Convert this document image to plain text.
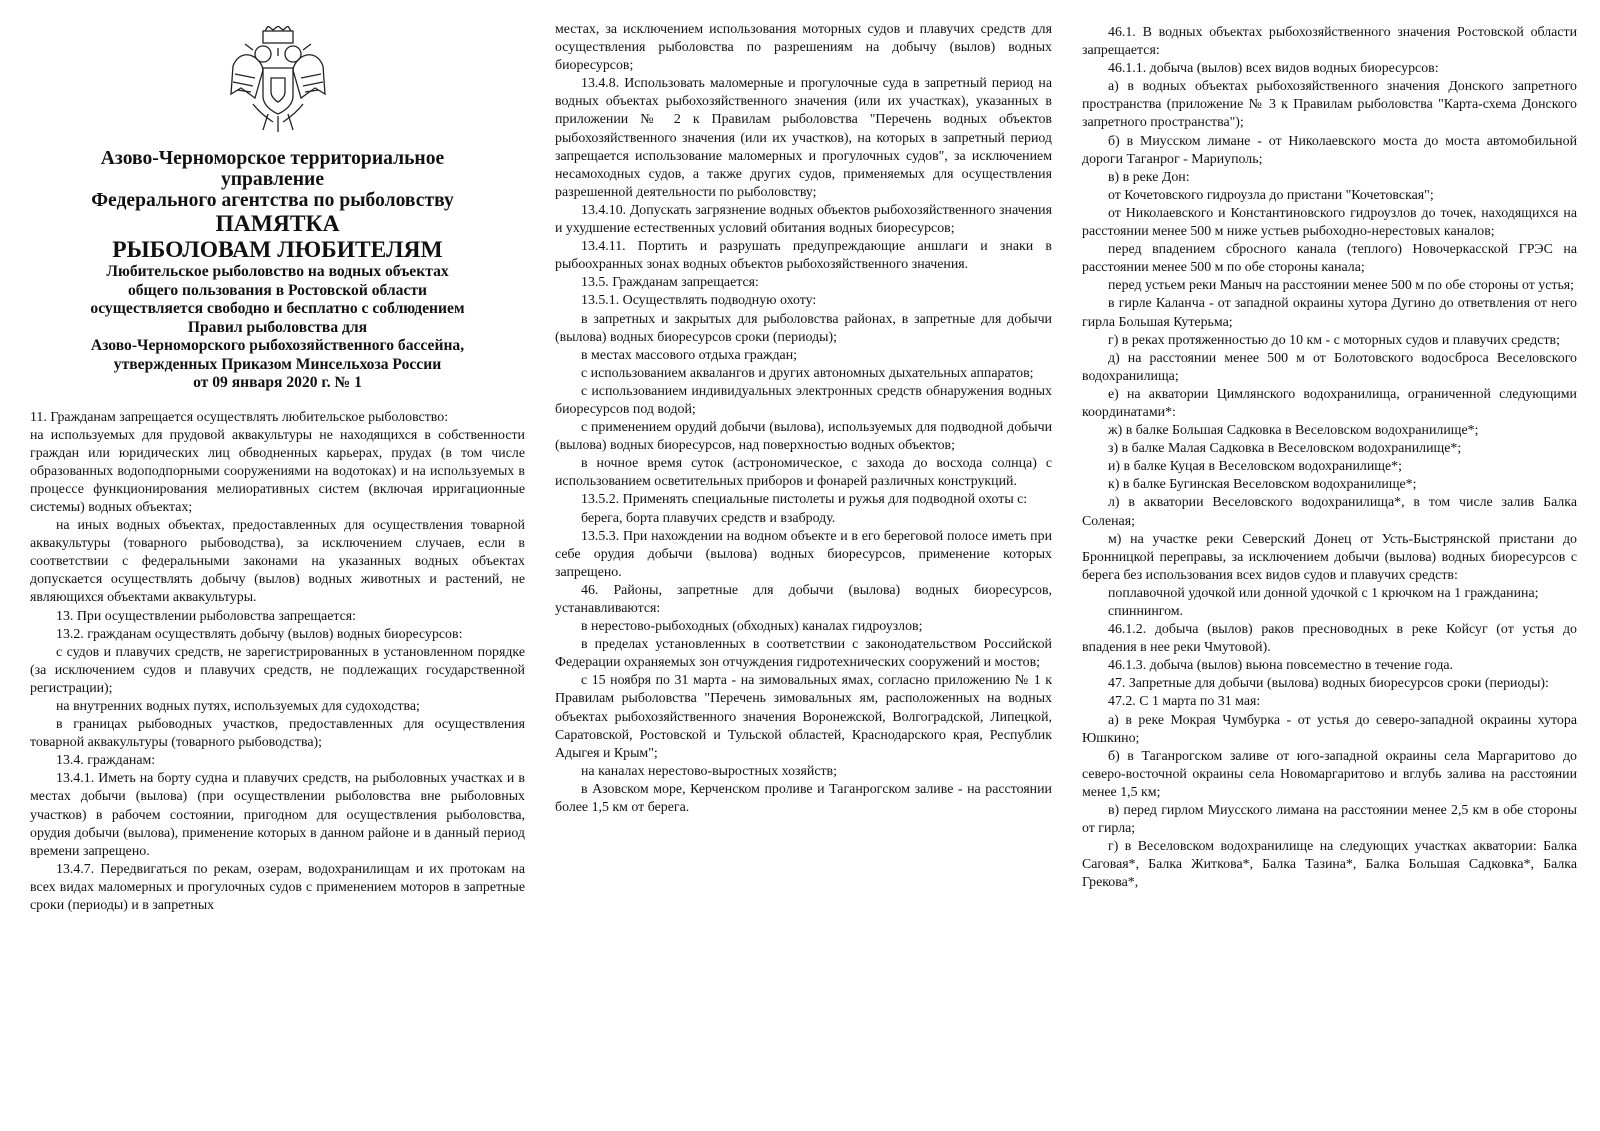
Азово-Черноморское территориальное
управление
Федерального агентства по рыболовству

ПАМЯТКА

РЫБОЛОВАМ ЛЮБИТЕЛЯМ

Любительское рыболовство на водных объектах
общего пользования в Ростовской области
осуществляется свободно и бесплатно с соблюдением
Правил рыболовства для
Азово-Черноморского рыбохозяйственного бассейна,
утвержденных Приказом Минсельхоза России
от 09 января 2020 г. № 1

11. Гражданам запрещается осуществлять любительское рыболовство:

на используемых для прудовой аквакультуры не находящихся в собственности граждан или юридических лиц обводненных карьерах, прудах (в том числе образованных водоподпорными сооружениями на водотоках) и на используемых в процессе функционирования мелиоративных систем (включая ирригационные системы) водных объектах;

на иных водных объектах, предоставленных для осуществления товарной аквакультуры (товарного рыбоводства), за исключением случаев, если в соответствии с федеральными законами на указанных водных объектах допускается осуществлять добычу (вылов) водных животных и растений, не являющихся объектами аквакультуры.

13. При осуществлении рыболовства запрещается:

13.2. гражданам осуществлять добычу (вылов) водных биоресурсов:

с судов и плавучих средств, не зарегистрированных в установленном порядке (за исключением судов и плавучих средств, не подлежащих государственной регистрации);

на внутренних водных путях, используемых для судоходства;

в границах рыбоводных участков, предоставленных для осуществления товарной аквакультуры (товарного рыбоводства);

13.4. гражданам:

13.4.1. Иметь на борту судна и плавучих средств, на рыболовных участках и в местах добычи (вылова) (при осуществлении рыболовства вне рыболовных участков) в рабочем состоянии, пригодном для осуществления рыболовства, орудия добычи (вылова), применение которых в данном районе и в данный период времени запрещено.

13.4.7. Передвигаться по рекам, озерам, водохранилищам и их протокам на всех видах маломерных и прогулочных судов с применением моторов в запретные сроки (периоды) и в запретных

местах, за исключением использования моторных судов и плавучих средств для осуществления рыболовства по разрешениям на добычу (вылов) водных биоресурсов;

13.4.8. Использовать маломерные и прогулочные суда в запретный период на водных объектах рыбохозяйственного значения (или их участках), указанных в приложении № 2 к Правилам рыболовства "Перечень водных объектов рыбохозяйственного значения (или их участков), на которых в запретный период запрещается использование маломерных и прогулочных судов", за исключением несамоходных судов, а также других судов, применяемых для осуществления разрешенной деятельности по рыболовству;

13.4.10. Допускать загрязнение водных объектов рыбохозяйственного значения и ухудшение естественных условий обитания водных биоресурсов;

13.4.11. Портить и разрушать предупреждающие аншлаги и знаки в рыбоохранных зонах водных объектов рыбохозяйственного значения.

13.5. Гражданам запрещается:

13.5.1. Осуществлять подводную охоту:

в запретных и закрытых для рыболовства районах, в запретные для добычи (вылова) водных биоресурсов сроки (периоды);

в местах массового отдыха граждан;

с использованием аквалангов и других автономных дыхательных аппаратов;

с использованием индивидуальных электронных средств обнаружения водных биоресурсов под водой;

с применением орудий добычи (вылова), используемых для подводной добычи (вылова) водных биоресурсов, над поверхностью водных объектов;

в ночное время суток (астрономическое, с захода до восхода солнца) с использованием осветительных приборов и фонарей различных конструкций.

13.5.2. Применять специальные пистолеты и ружья для подводной охоты с:

берега, борта плавучих средств и взаброду.

13.5.3. При нахождении на водном объекте и в его береговой полосе иметь при себе орудия добычи (вылова) водных биоресурсов, применение которых запрещено.

46. Районы, запретные для добычи (вылова) водных биоресурсов, устанавливаются:

в нерестово-рыбоходных (обходных) каналах гидроузлов;

в пределах установленных в соответствии с законодательством Российской Федерации охраняемых зон отчуждения гидротехнических сооружений и мостов;

с 15 ноября по 31 марта - на зимовальных ямах, согласно приложению № 1 к Правилам рыболовства "Перечень зимовальных ям, расположенных на водных объектах рыбохозяйственного значения Воронежской, Волгоградской, Липецкой, Саратовской, Ростовской и Тульской областей, Краснодарского края, Республик Адыгея и Крым";

на каналах нерестово-выростных хозяйств;

в Азовском море, Керченском проливе и Таганрогском заливе - на расстоянии более 1,5 км от берега.

46.1. В водных объектах рыбохозяйственного значения Ростовской области запрещается:

46.1.1. добыча (вылов) всех видов водных биоресурсов:

а) в водных объектах рыбохозяйственного значения Донского запретного пространства (приложение № 3 к Правилам рыболовства "Карта-схема Донского запретного пространства");

б) в Миусском лимане - от Николаевского моста до моста автомобильной дороги Таганрог - Мариуполь;

в) в реке Дон:

от Кочетовского гидроузла до пристани "Кочетовская";

от Николаевского и Константиновского гидроузлов до точек, находящихся на расстоянии менее 500 м ниже устьев рыбоходно-нерестовых каналов;

перед впадением сбросного канала (теплого) Новочеркасской ГРЭС на расстоянии менее 500 м по обе стороны канала;

перед устьем реки Маныч на расстоянии менее 500 м по обе стороны от устья;

в гирле Каланча - от западной окраины хутора Дугино до ответвления от него гирла Большая Кутерьма;

г) в реках протяженностью до 10 км - с моторных судов и плавучих средств;

д) на расстоянии менее 500 м от Болотовского водосброса Веселовского водохранилища;

е) на акватории Цимлянского водохранилища, ограниченной следующими координатами*:

ж) в балке Большая Садковка в Веселовском водохранилище*;

з) в балке Малая Садковка в Веселовском водохранилище*;

и) в балке Куцая в Веселовском водохранилище*;

к) в балке Бугинская Веселовском водохранилище*;

л) в акватории Веселовского водохранилища*, в том числе залив Балка Соленая;

м) на участке реки Северский Донец от Усть-Быстрянской пристани до Бронницкой переправы, за исключением добычи (вылова) водных биоресурсов с берега без использования всех видов судов и плавучих средств:

поплавочной удочкой или донной удочкой с 1 крючком на 1 гражданина;

спиннингом.

46.1.2. добыча (вылов) раков пресноводных в реке Койсуг (от устья до впадения в нее реки Чмутовой).

46.1.3. добыча (вылов) вьюна повсеместно в течение года.

47. Запретные для добычи (вылова) водных биоресурсов сроки (периоды):

47.2. С 1 марта по 31 мая:

а) в реке Мокрая Чумбурка - от устья до северо-западной окраины хутора Юшкино;

б) в Таганрогском заливе от юго-западной окраины села Маргаритово до северо-восточной окраины села Новомаргаритово и вглубь залива на расстоянии менее 1,5 км;

в) перед гирлом Миусского лимана на расстоянии менее 2,5 км в обе стороны от гирла;

г) в Веселовском водохранилище на следующих участках акватории: Балка Саговая*, Балка Житкова*, Балка Тазина*, Балка Большая Садковка*, Балка Грекова*,
